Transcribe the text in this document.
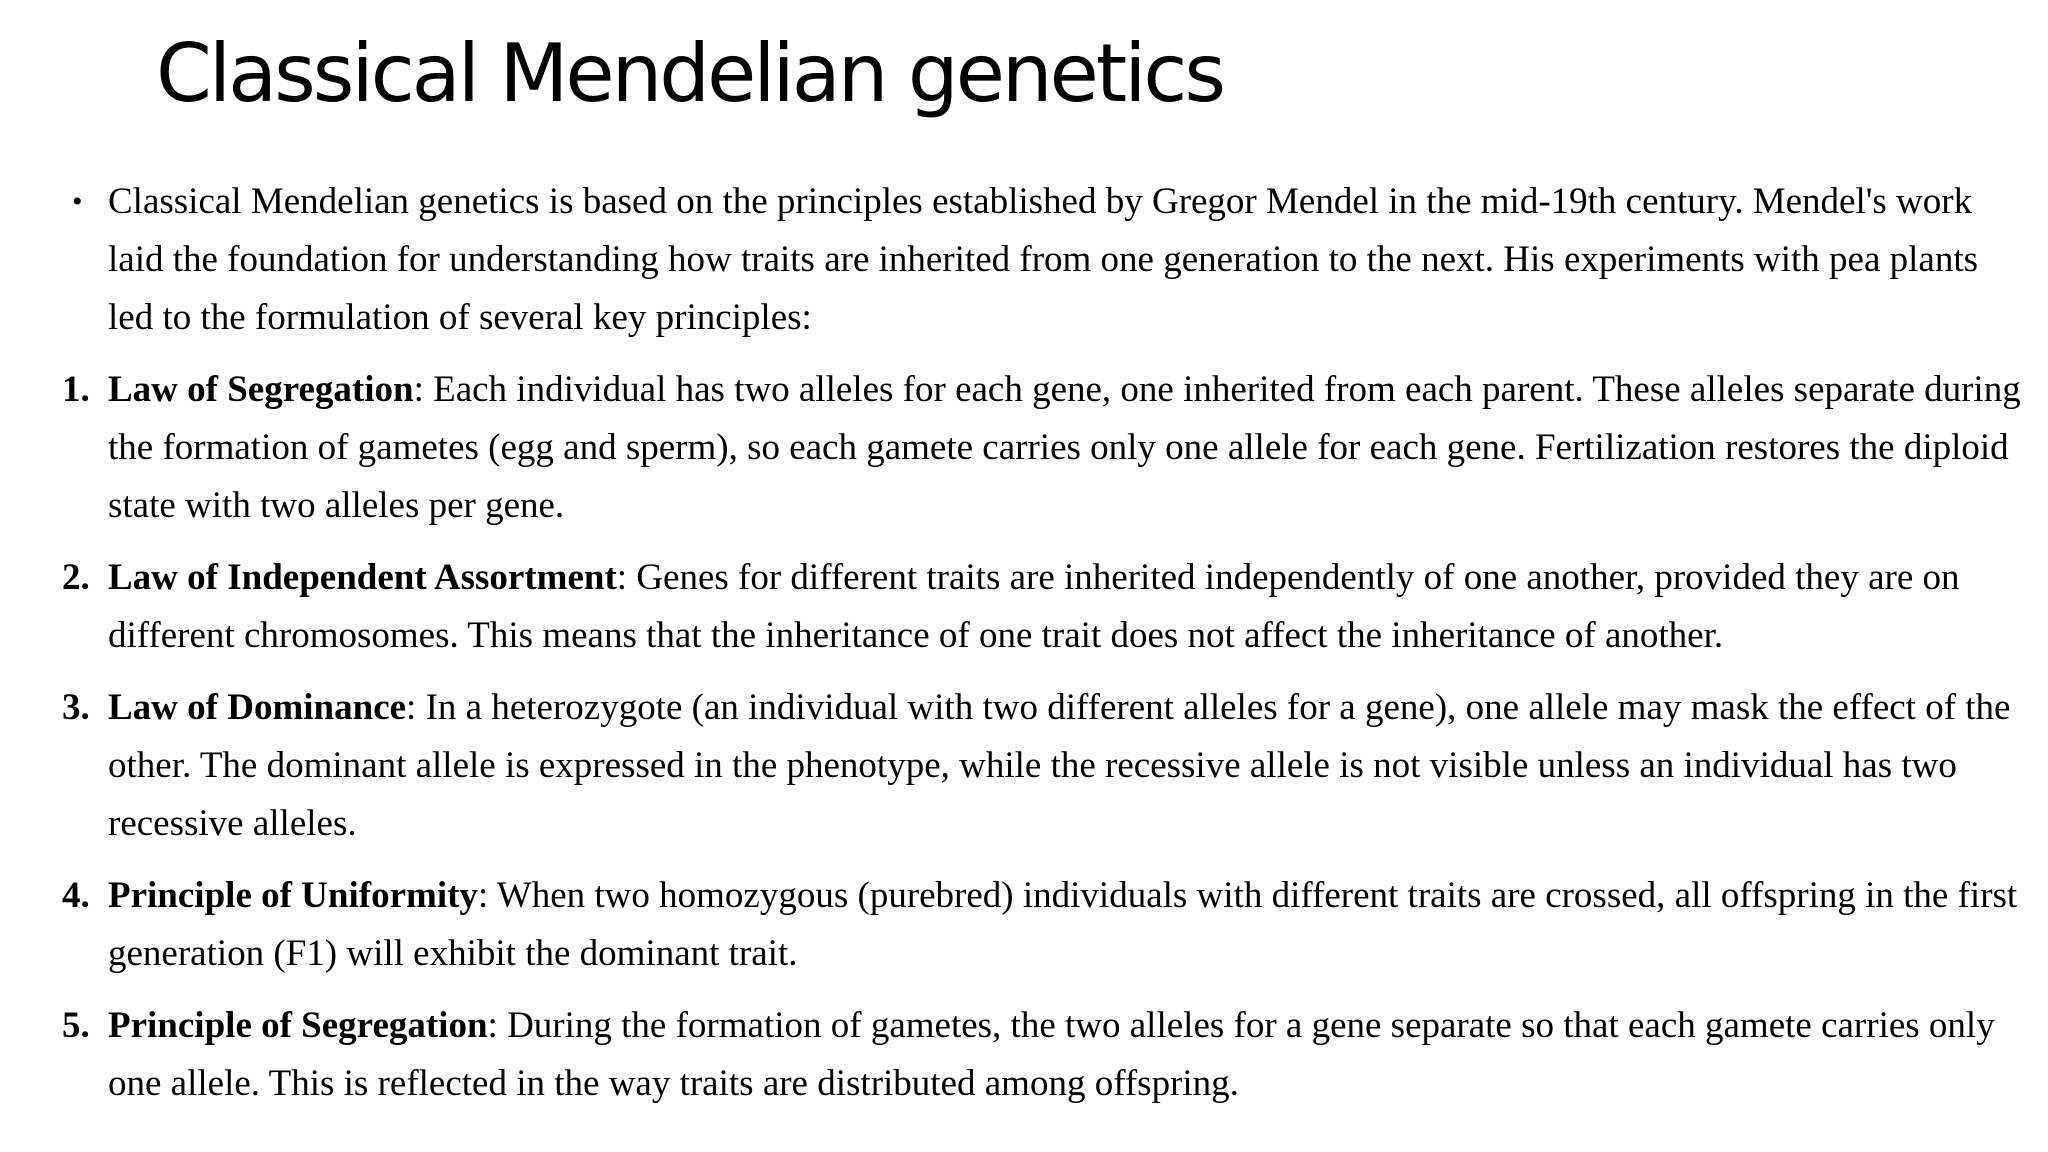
Classical Mendelian genetics
• Classical Mendelian genetics is based on the principles established by Gregor Mendel in the mid-19th century. Mendel's work laid the foundation for understanding how traits are inherited from one generation to the next. His experiments with pea plants led to the formulation of several key principles:

1. Law of Segregation: Each individual has two alleles for each gene, one inherited from each parent. These alleles separate during the formation of gametes (egg and sperm), so each gamete carries only one allele for each gene. Fertilization restores the diploid state with two alleles per gene.

2. Law of Independent Assortment: Genes for different traits are inherited independently of one another, provided they are on different chromosomes. This means that the inheritance of one trait does not affect the inheritance of another.

3. Law of Dominance: In a heterozygote (an individual with two different alleles for a gene), one allele may mask the effect of the other. The dominant allele is expressed in the phenotype, while the recessive allele is not visible unless an individual has two recessive alleles.

4. Principle of Uniformity: When two homozygous (purebred) individuals with different traits are crossed, all offspring in the first generation (F1) will exhibit the dominant trait.

5. Principle of Segregation: During the formation of gametes, the two alleles for a gene separate so that each gamete carries only one allele. This is reflected in the way traits are distributed among offspring.
